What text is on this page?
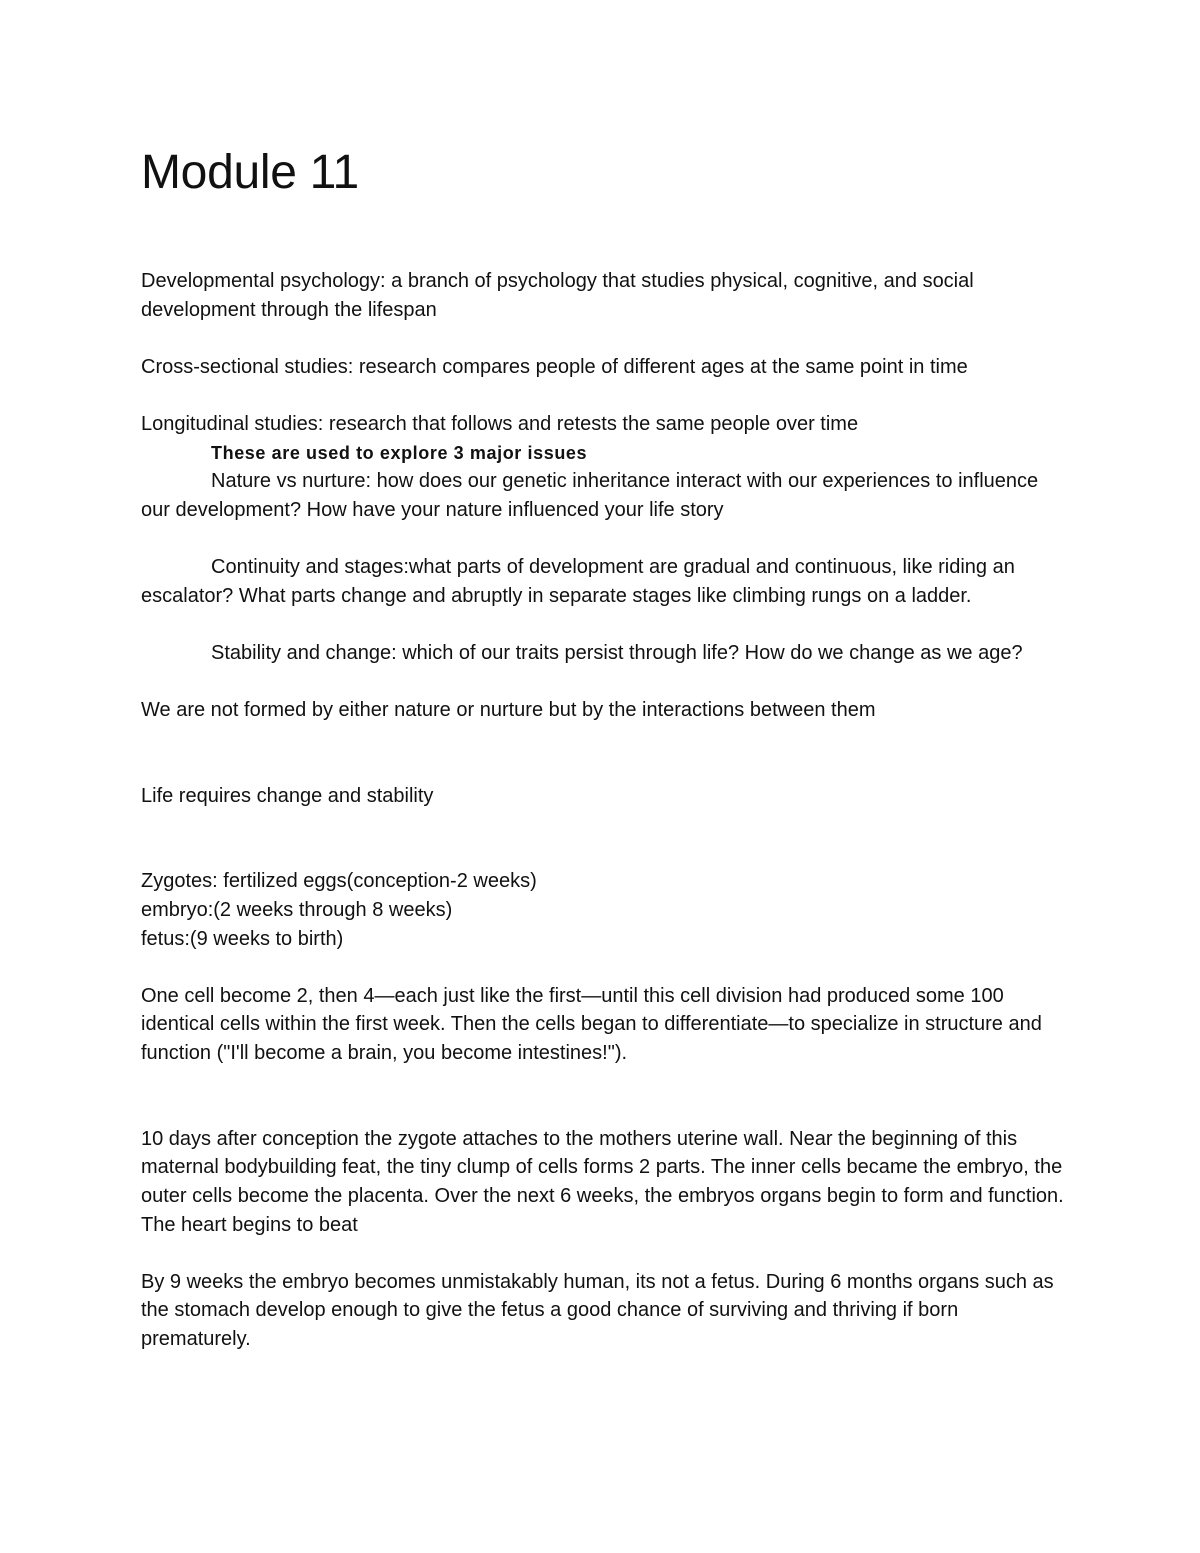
Module 11

Developmental psychology: a branch of psychology that studies physical, cognitive, and social development through the lifespan

Cross-sectional studies: research compares people of different ages at the same point in time

Longitudinal studies: research that follows and retests the same people over time

These are used to explore 3 major issues

Nature vs nurture: how does our genetic inheritance interact with our experiences to influence our development? How have your nature influenced your life story

Continuity and stages:what parts of development are gradual and continuous, like riding an escalator? What parts change and abruptly in separate stages like climbing rungs on a ladder.

Stability and change: which of our traits persist through life? How do we change as we age?

We are not formed by either nature or nurture but by the interactions between them

Life requires change and stability

Zygotes: fertilized eggs(conception-2 weeks)

embryo:(2 weeks through 8 weeks)

fetus:(9 weeks to birth)

One cell become 2, then 4—each just like the first—until this cell division had produced some 100 identical cells within the first week. Then the cells began to differentiate—to specialize in structure and function ("I'll become a brain, you become intestines!").

10 days after conception the zygote attaches to the mothers uterine wall. Near the beginning of this maternal bodybuilding feat, the tiny clump of cells forms 2 parts. The inner cells became the embryo, the outer cells become the placenta. Over the next 6 weeks, the embryos organs begin to form and function. The heart begins to beat

By 9 weeks the embryo becomes unmistakably human, its not a fetus. During 6 months organs such as the stomach develop enough to give the fetus a good chance of surviving and thriving if born prematurely.
